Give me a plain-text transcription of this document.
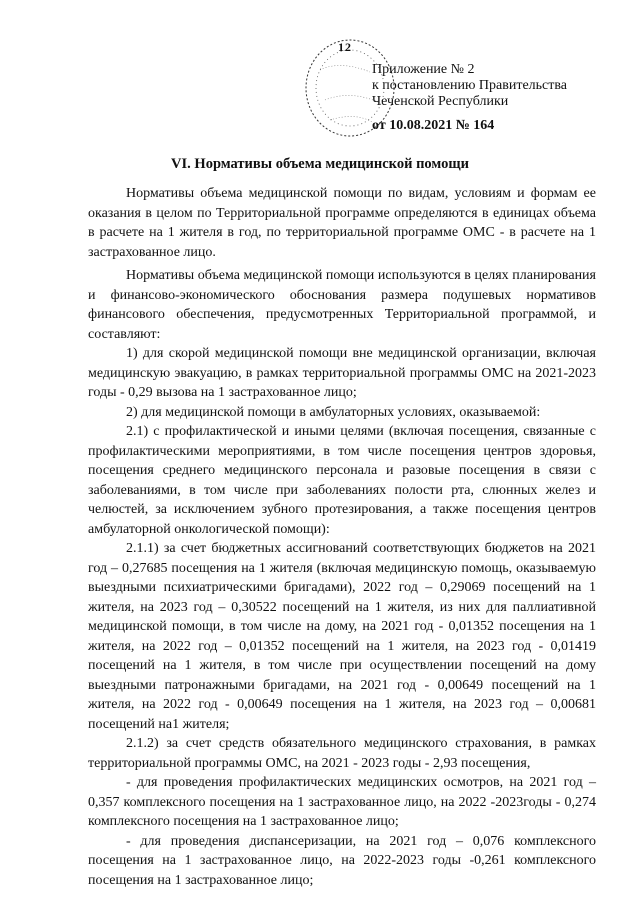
12
Приложение № 2
к постановлению Правительства
Чеченской Республики
от 10.08.2021 № 164
VI. Нормативы объема медицинской помощи

Нормативы объема медицинской помощи по видам, условиям и формам ее оказания в целом по Территориальной программе определяются в единицах объема в расчете на 1 жителя в год, по территориальной программе ОМС - в расчете на 1 застрахованное лицо.

Нормативы объема медицинской помощи используются в целях планирования и финансово-экономического обоснования размера подушевых нормативов финансового обеспечения, предусмотренных Территориальной программой, и составляют:

1) для скорой медицинской помощи вне медицинской организации, включая медицинскую эвакуацию, в рамках территориальной программы ОМС на 2021-2023 годы - 0,29 вызова на 1 застрахованное лицо;

2) для медицинской помощи в амбулаторных условиях, оказываемой:

2.1) с профилактической и иными целями (включая посещения, связанные с профилактическими мероприятиями, в том числе посещения центров здоровья, посещения среднего медицинского персонала и разовые посещения в связи с заболеваниями, в том числе при заболеваниях полости рта, слюнных желез и челюстей, за исключением зубного протезирования, а также посещения центров амбулаторной онкологической помощи):

2.1.1) за счет бюджетных ассигнований соответствующих бюджетов на 2021 год – 0,27685 посещения на 1 жителя (включая медицинскую помощь, оказываемую выездными психиатрическими бригадами), 2022 год – 0,29069 посещений на 1 жителя, на 2023 год – 0,30522 посещений на 1 жителя, из них для паллиативной медицинской помощи, в том числе на дому, на 2021 год - 0,01352 посещения на 1 жителя, на 2022 год – 0,01352 посещений на 1 жителя, на 2023 год - 0,01419 посещений на 1 жителя, в том числе при осуществлении посещений на дому выездными патронажными бригадами, на 2021 год - 0,00649 посещений на 1 жителя, на 2022 год - 0,00649 посещения на 1 жителя, на 2023 год – 0,00681 посещений на1 жителя;

2.1.2) за счет средств обязательного медицинского страхования, в рамках территориальной программы ОМС, на 2021 - 2023 годы - 2,93 посещения,

- для проведения профилактических медицинских осмотров, на 2021 год – 0,357 комплексного посещения на 1 застрахованное лицо, на 2022 -2023годы - 0,274 комплексного посещения на 1 застрахованное лицо;

- для проведения диспансеризации, на 2021 год – 0,076 комплексного посещения на 1 застрахованное лицо, на 2022-2023 годы -0,261 комплексного посещения на 1 застрахованное лицо;
